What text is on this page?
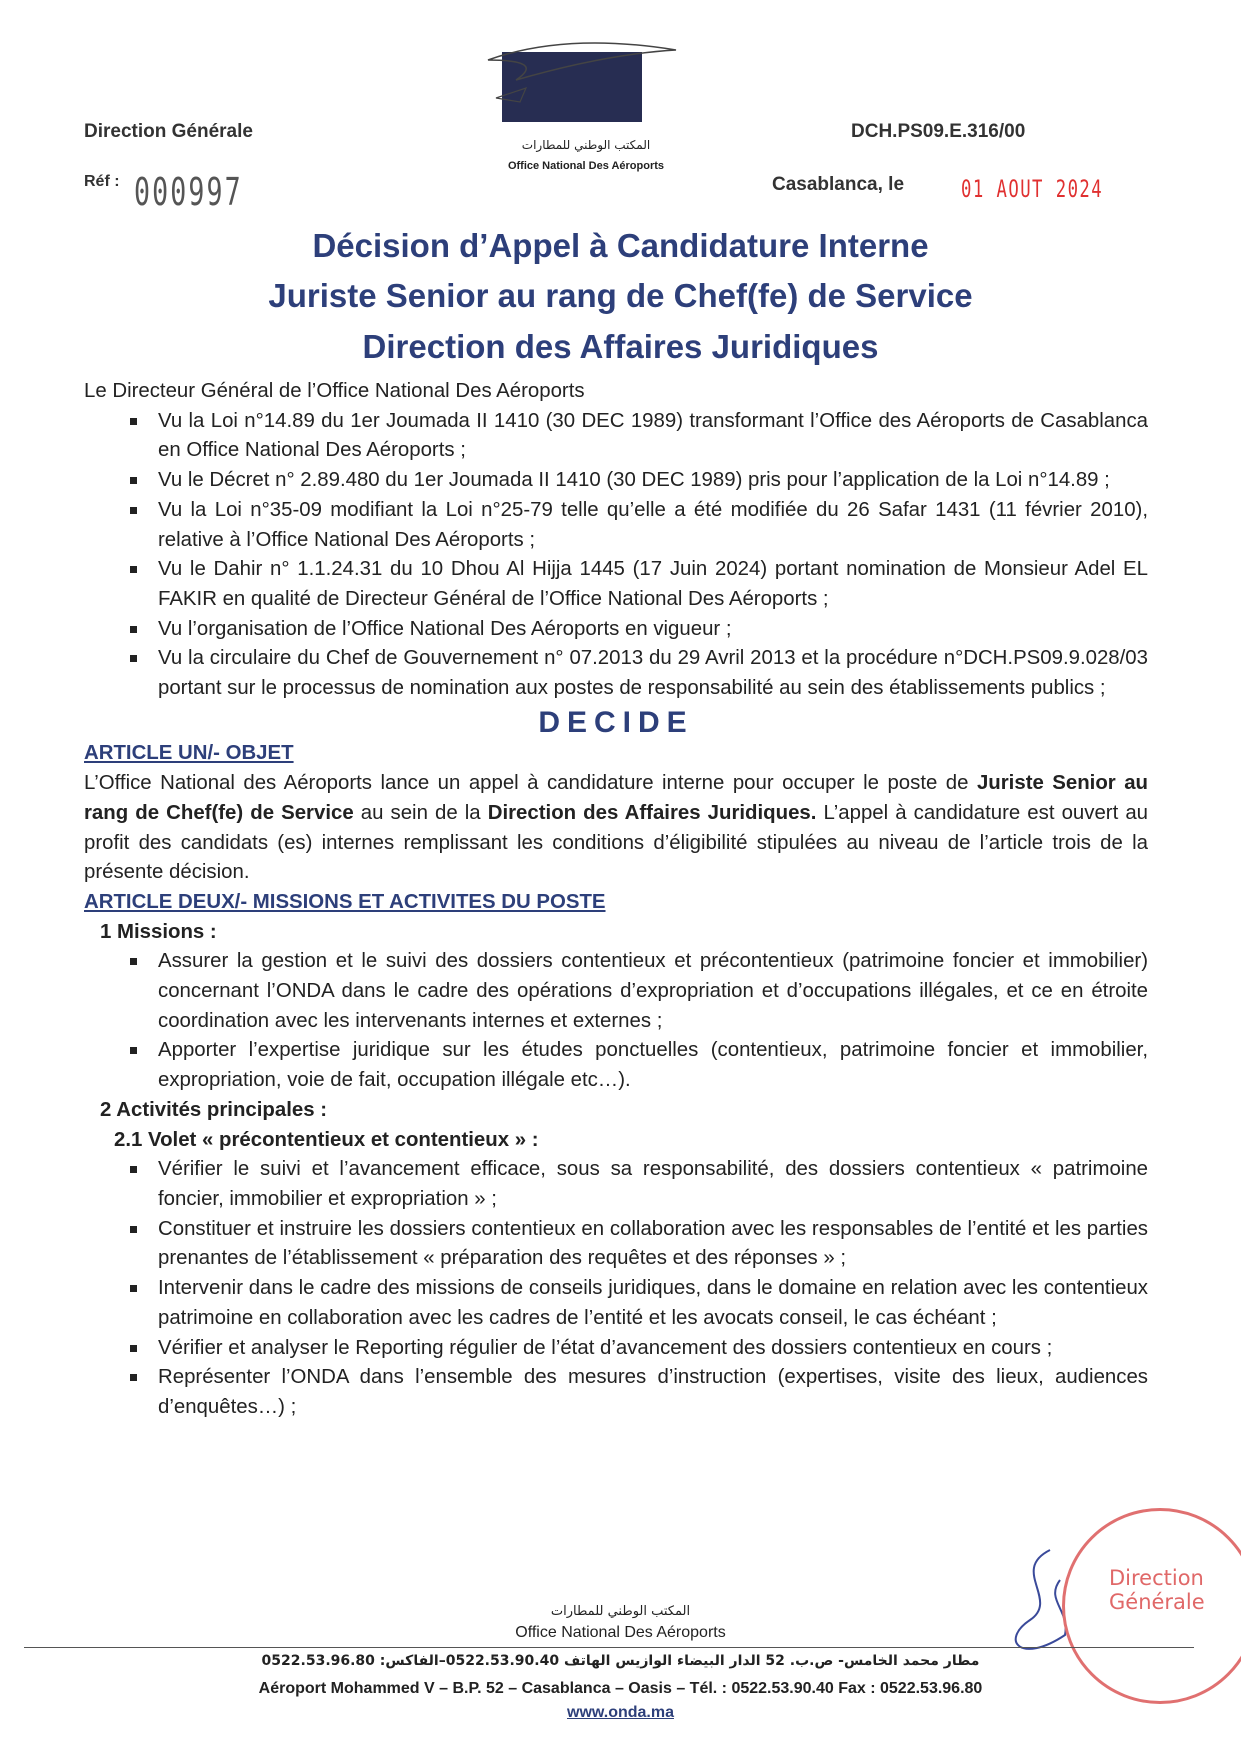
المكتب الوطني للمطارات
Office National Des Aéroports
Direction Générale	DCH.PS09.E.316/00
Réf : 000997	Casablanca, le 01 AOUT 2024
Décision d’Appel à Candidature Interne
Juriste Senior au rang de Chef(fe) de Service
Direction des Affaires Juridiques

Le Directeur Général de l’Office National Des Aéroports

Vu la Loi n°14.89 du 1er Joumada II 1410 (30 DEC 1989) transformant l’Office des Aéroports de Casablanca en Office National Des Aéroports ;
Vu le Décret n° 2.89.480 du 1er Joumada II 1410 (30 DEC 1989) pris pour l’application de la Loi n°14.89 ;
Vu la Loi n°35-09 modifiant la Loi n°25-79 telle qu’elle a été modifiée du 26 Safar 1431 (11 février 2010), relative à l’Office National Des Aéroports ;
Vu le Dahir n° 1.1.24.31 du 10 Dhou Al Hijja 1445 (17 Juin 2024) portant nomination de Monsieur Adel EL FAKIR en qualité de Directeur Général de l’Office National Des Aéroports ;
Vu l’organisation de l’Office National Des Aéroports en vigueur ;
Vu la circulaire du Chef de Gouvernement n° 07.2013 du 29 Avril 2013 et la procédure n°DCH.PS09.9.028/03 portant sur le processus de nomination aux postes de responsabilité au sein des établissements publics ;
DECIDE
ARTICLE UN/- OBJET

L’Office National des Aéroports lance un appel à candidature interne pour occuper le poste de Juriste Senior au rang de Chef(fe) de Service au sein de la Direction des Affaires Juridiques. L’appel à candidature est ouvert au profit des candidats (es) internes remplissant les conditions d’éligibilité stipulées au niveau de l’article trois de la présente décision.

ARTICLE DEUX/- MISSIONS ET ACTIVITES DU POSTE
1 Missions :
Assurer la gestion et le suivi des dossiers contentieux et précontentieux (patrimoine foncier et immobilier) concernant l’ONDA dans le cadre des opérations d’expropriation et d’occupations illégales, et ce en étroite coordination avec les intervenants internes et externes ;
Apporter l’expertise juridique sur les études ponctuelles (contentieux, patrimoine foncier et immobilier, expropriation, voie de fait, occupation illégale etc…).
2 Activités principales :
2.1 Volet « précontentieux et contentieux » :
Vérifier le suivi et l’avancement efficace, sous sa responsabilité, des dossiers contentieux « patrimoine foncier, immobilier et expropriation » ;
Constituer et instruire les dossiers contentieux en collaboration avec les responsables de l’entité et les parties prenantes de l’établissement « préparation des requêtes et des réponses » ;
Intervenir dans le cadre des missions de conseils juridiques, dans le domaine en relation avec les contentieux patrimoine en collaboration avec les cadres de l’entité et les avocats conseil, le cas échéant ;
Vérifier et analyser le Reporting régulier de l’état d’avancement des dossiers contentieux en cours ;
Représenter l’ONDA dans l’ensemble des mesures d’instruction (expertises, visite des lieux, audiences d’enquêtes…) ;
Direction Générale
المكتب الوطني للمطارات
Office National Des Aéroports
مطار محمد الخامس- ص.ب. 52 الدار البيضاء الوازيس الهاتف 0522.53.90.40–الفاكس: 0522.53.96.80
Aéroport Mohammed V – B.P. 52 – Casablanca – Oasis – Tél. : 0522.53.90.40 Fax : 0522.53.96.80
www.onda.ma
